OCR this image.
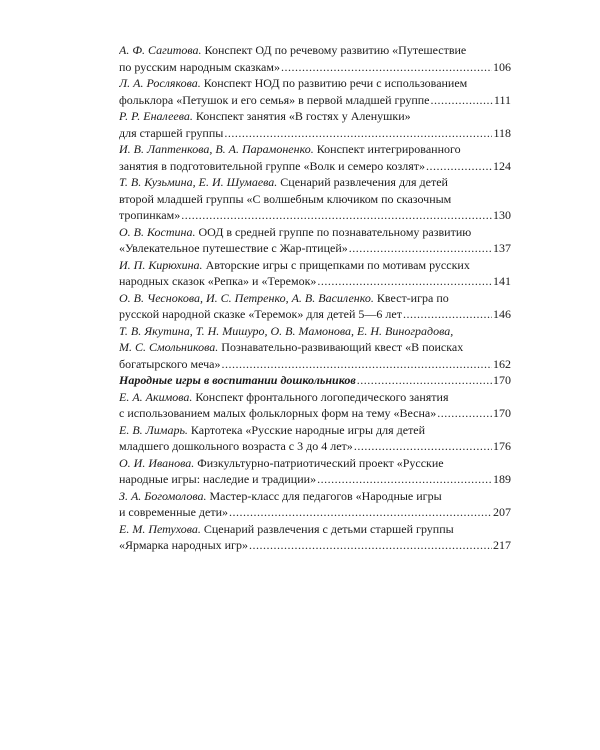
А. Ф. Сагитова. Конспект ОД по речевому развитию «Путешествие
по русским народным сказкам» .....	106
Л. А. Рослякова. Конспект НОД по развитию речи с использованием
фольклора «Петушок и его семья» в первой младшей группе .....	111
Р. Р. Еналеева. Конспект занятия «В гостях у Аленушки»
для старшей группы .....	118
И. В. Лаптенкова, В. А. Парамоненко. Конспект интегрированного
занятия в подготовительной группе «Волк и семеро козлят» .....	124
Т. В. Кузьмина, Е. И. Шумаева. Сценарий развлечения для детей
второй младшей группы «С волшебным ключиком по сказочным
тропинкам» .....	130
О. В. Костина. ООД в средней группе по познавательному развитию
«Увлекательное путешествие с Жар-птицей» .....	137
И. П. Кирюхина. Авторские игры с прищепками по мотивам русских
народных сказок «Репка» и «Теремок» .....	141
О. В. Чеснокова, И. С. Петренко, А. В. Василенко. Квест-игра по
русской народной сказке «Теремок» для детей 5—6 лет .....	146
Т. В. Якутина, Т. Н. Мишуро, О. В. Мамонова, Е. Н. Виноградова,
М. С. Смольникова. Познавательно-развивающий квест «В поисках
богатырского меча» .....	162
Народные игры в воспитании дошкольников .....	170
Е. А. Акимова. Конспект фронтального логопедического занятия
с использованием малых фольклорных форм на тему «Весна» .....	170
Е. В. Лимарь. Картотека «Русские народные игры для детей
младшего дошкольного возраста с 3 до 4 лет» .....	176
О. И. Иванова. Физкультурно-патриотический проект «Русские
народные игры: наследие и традиции» .....	189
З. А. Богомолова. Мастер-класс для педагогов «Народные игры
и современные дети» .....	207
Е. М. Петухова. Сценарий развлечения с детьми старшей группы
«Ярмарка народных игр» .....	217
